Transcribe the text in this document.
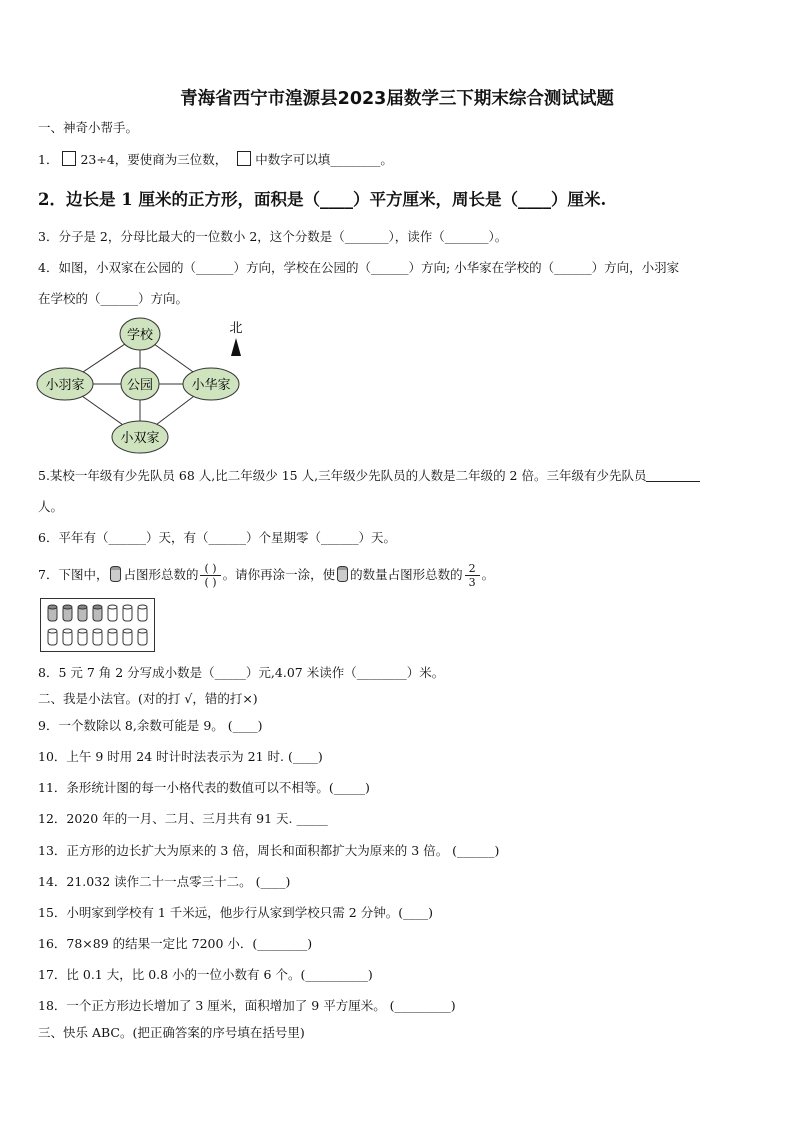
青海省西宁市湟源县2023届数学三下期末综合测试试题
一、神奇小帮手。
1． 23÷4，要使商为三位数， 中数字可以填________。
2．边长是 1 厘米的正方形，面积是（____）平方厘米，周长是（____）厘米.
3．分子是 2，分母比最大的一位数小 2，这个分数是（_______），读作（_______）。
4．如图，小双家在公园的（______）方向，学校在公园的（______）方向; 小华家在学校的（______）方向，小羽家
在学校的（______）方向。
学校
小羽家	公园	小华家
小双家
北
5.某校一年级有少先队员 68 人,比二年级少 15 人,三年级少先队员的人数是二年级的 2 倍。三年级有少先队员
人。
6．平年有（______）天，有（______）个星期零（______）天。
7．下图中， 占图形总数的 $\frac{( )}{( )}$ 。请你再涂一涂，使 的数量占图形总数的 $\frac{2}{3}$ 。
8．5 元 7 角 2 分写成小数是（_____）元,4.07 米读作（________）米。
二、我是小法官。(对的打 √，错的打×)
9．一个数除以 8,余数可能是 9。 (____)
10．上午 9 时用 24 时计时法表示为 21 时. (____)
11．条形统计图的每一小格代表的数值可以不相等。(_____)
12．2020 年的一月、二月、三月共有 91 天. _____
13．正方形的边长扩大为原来的 3 倍，周长和面积都扩大为原来的 3 倍。 (______)
14．21.032 读作二十一点零三十二。 (____)
15．小明家到学校有 1 千米远，他步行从家到学校只需 2 分钟。(____)
16．78×89 的结果一定比 7200 小．(________)
17．比 0.1 大，比 0.8 小的一位小数有 6 个。(__________)
18．一个正方形边长增加了 3 厘米，面积增加了 9 平方厘米。 (_________)
三、快乐 ABC。(把正确答案的序号填在括号里)
